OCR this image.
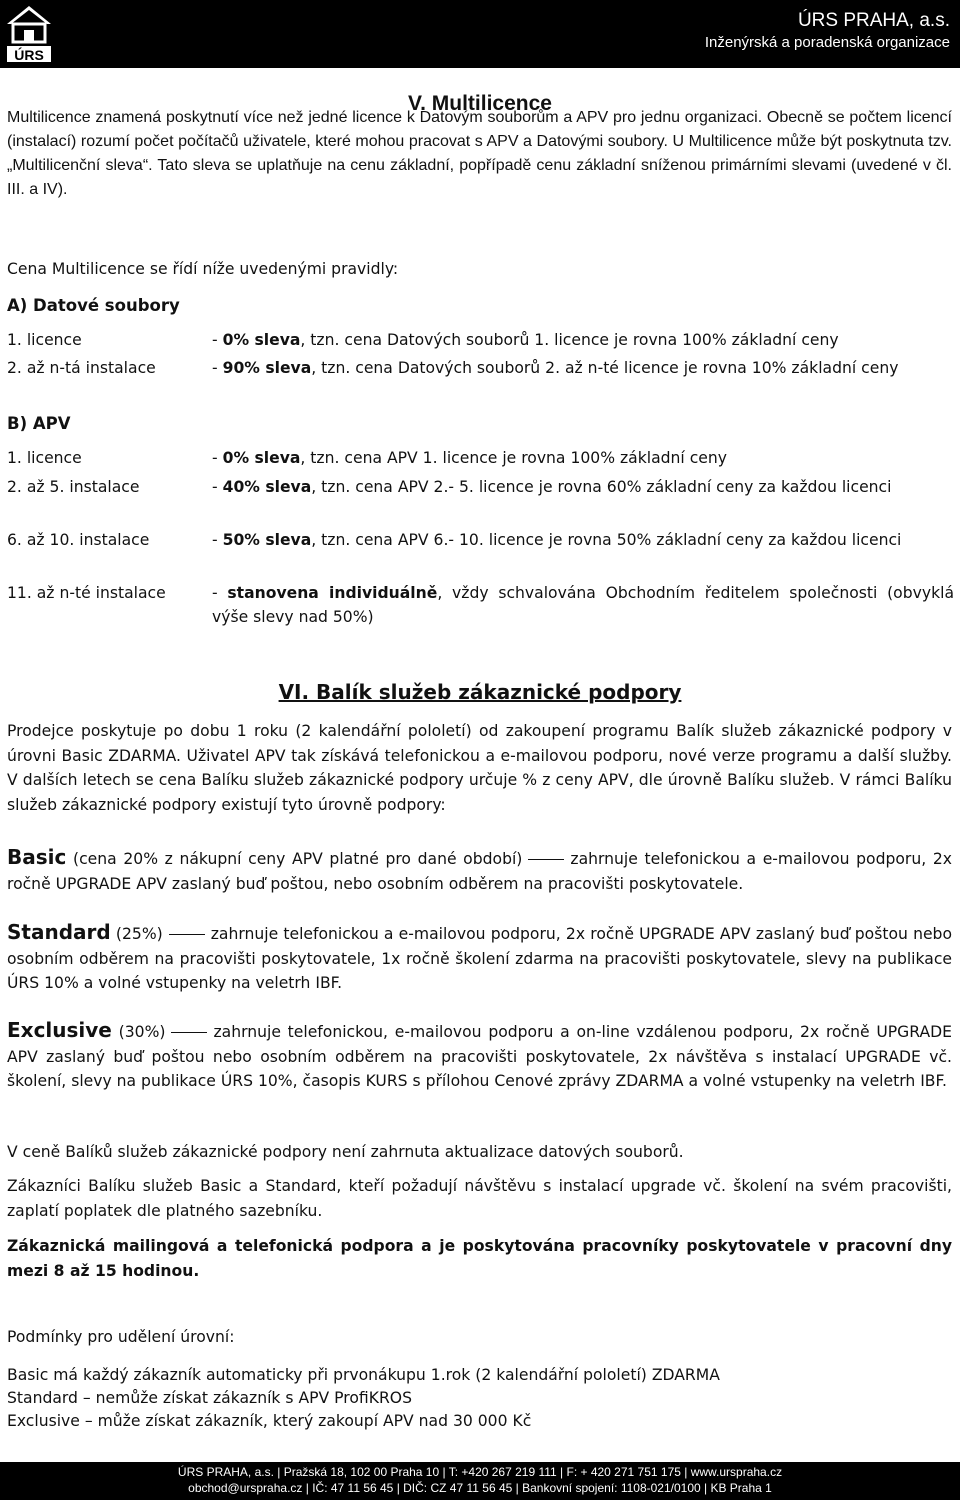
ÚRS
ÚRS PRAHA, a.s.
Inženýrská a poradenská organizace
V. Multilicence
Multilicence znamená poskytnutí více než jedné licence k Datovým souborům a APV pro jednu organizaci. Obecně se počtem licencí (instalací) rozumí počet počítačů uživatele, které mohou pracovat s APV a Datovými soubory. U Multilicence může být poskytnuta tzv. „Multilicenční sleva“. Tato sleva se uplatňuje na cenu základní, popřípadě cenu základní sníženou primárními slevami (uvedené v čl. III. a IV).
Cena Multilicence se řídí níže uvedenými pravidly:
A) Datové soubory
1. licence	- 0% sleva, tzn. cena Datových souborů 1. licence je rovna 100% základní ceny
2. až n-tá instalace	- 90% sleva, tzn. cena Datových souborů 2. až n-té licence je rovna 10% základní ceny
B) APV
1. licence	- 0% sleva, tzn. cena APV 1. licence je rovna 100% základní ceny
2. až 5. instalace	- 40% sleva, tzn. cena APV 2.- 5. licence je rovna 60% základní ceny za každou licenci
6. až 10. instalace	- 50% sleva, tzn. cena APV 6.- 10. licence je rovna 50% základní ceny za každou licenci
11. až n-té instalace	- stanovena individuálně, vždy schvalována Obchodním ředitelem společnosti (obvyklá výše slevy nad 50%)
VI. Balík služeb zákaznické podpory
Prodejce poskytuje po dobu 1 roku (2 kalendářní pololetí) od zakoupení programu Balík služeb zákaznické podpory v úrovni Basic ZDARMA. Uživatel APV tak získává telefonickou a e-mailovou podporu, nové verze programu a další služby. V dalších letech se cena Balíku služeb zákaznické podpory určuje % z ceny APV, dle úrovně Balíku služeb. V rámci Balíku služeb zákaznické podpory existují tyto úrovně podpory:
Basic (cena 20% z nákupní ceny APV platné pro dané období)	zahrnuje telefonickou a e-mailovou podporu, 2x ročně UPGRADE APV zaslaný buď poštou, nebo osobním odběrem na pracovišti poskytovatele.
Standard (25%)	zahrnuje telefonickou a e-mailovou podporu, 2x ročně UPGRADE APV zaslaný buď poštou nebo osobním odběrem na pracovišti poskytovatele, 1x ročně školení zdarma na pracovišti poskytovatele, slevy na publikace ÚRS 10% a volné vstupenky na veletrh IBF.
Exclusive (30%)	zahrnuje telefonickou, e-mailovou podporu a on-line vzdálenou podporu, 2x ročně UPGRADE APV zaslaný buď poštou nebo osobním odběrem na pracovišti poskytovatele, 2x návštěva s instalací UPGRADE vč. školení, slevy na publikace ÚRS 10%, časopis KURS s přílohou Cenové zprávy ZDARMA a volné vstupenky na veletrh IBF.
V ceně Balíků služeb zákaznické podpory není zahrnuta aktualizace datových souborů.
Zákazníci Balíku služeb Basic a Standard, kteří požadují návštěvu s instalací upgrade vč. školení na svém pracovišti, zaplatí poplatek dle platného sazebníku.
Zákaznická mailingová a telefonická podpora a je poskytována pracovníky poskytovatele v pracovní dny mezi 8 až 15 hodinou.
Podmínky pro udělení úrovní:
Basic má každý zákazník automaticky při prvonákupu 1.rok (2 kalendářní pololetí) ZDARMA
Standard – nemůže získat zákazník s APV ProfiKROS
Exclusive – může získat zákazník, který zakoupí APV nad 30 000 Kč
ÚRS PRAHA, a.s. | Pražská 18, 102 00 Praha 10 | T: +420 267 219 111 | F: + 420 271 751 175 | www.urspraha.cz
obchod@urspraha.cz | IČ: 47 11 56 45 | DIČ: CZ 47 11 56 45 | Bankovní spojení: 1108-021/0100 | KB Praha 1
